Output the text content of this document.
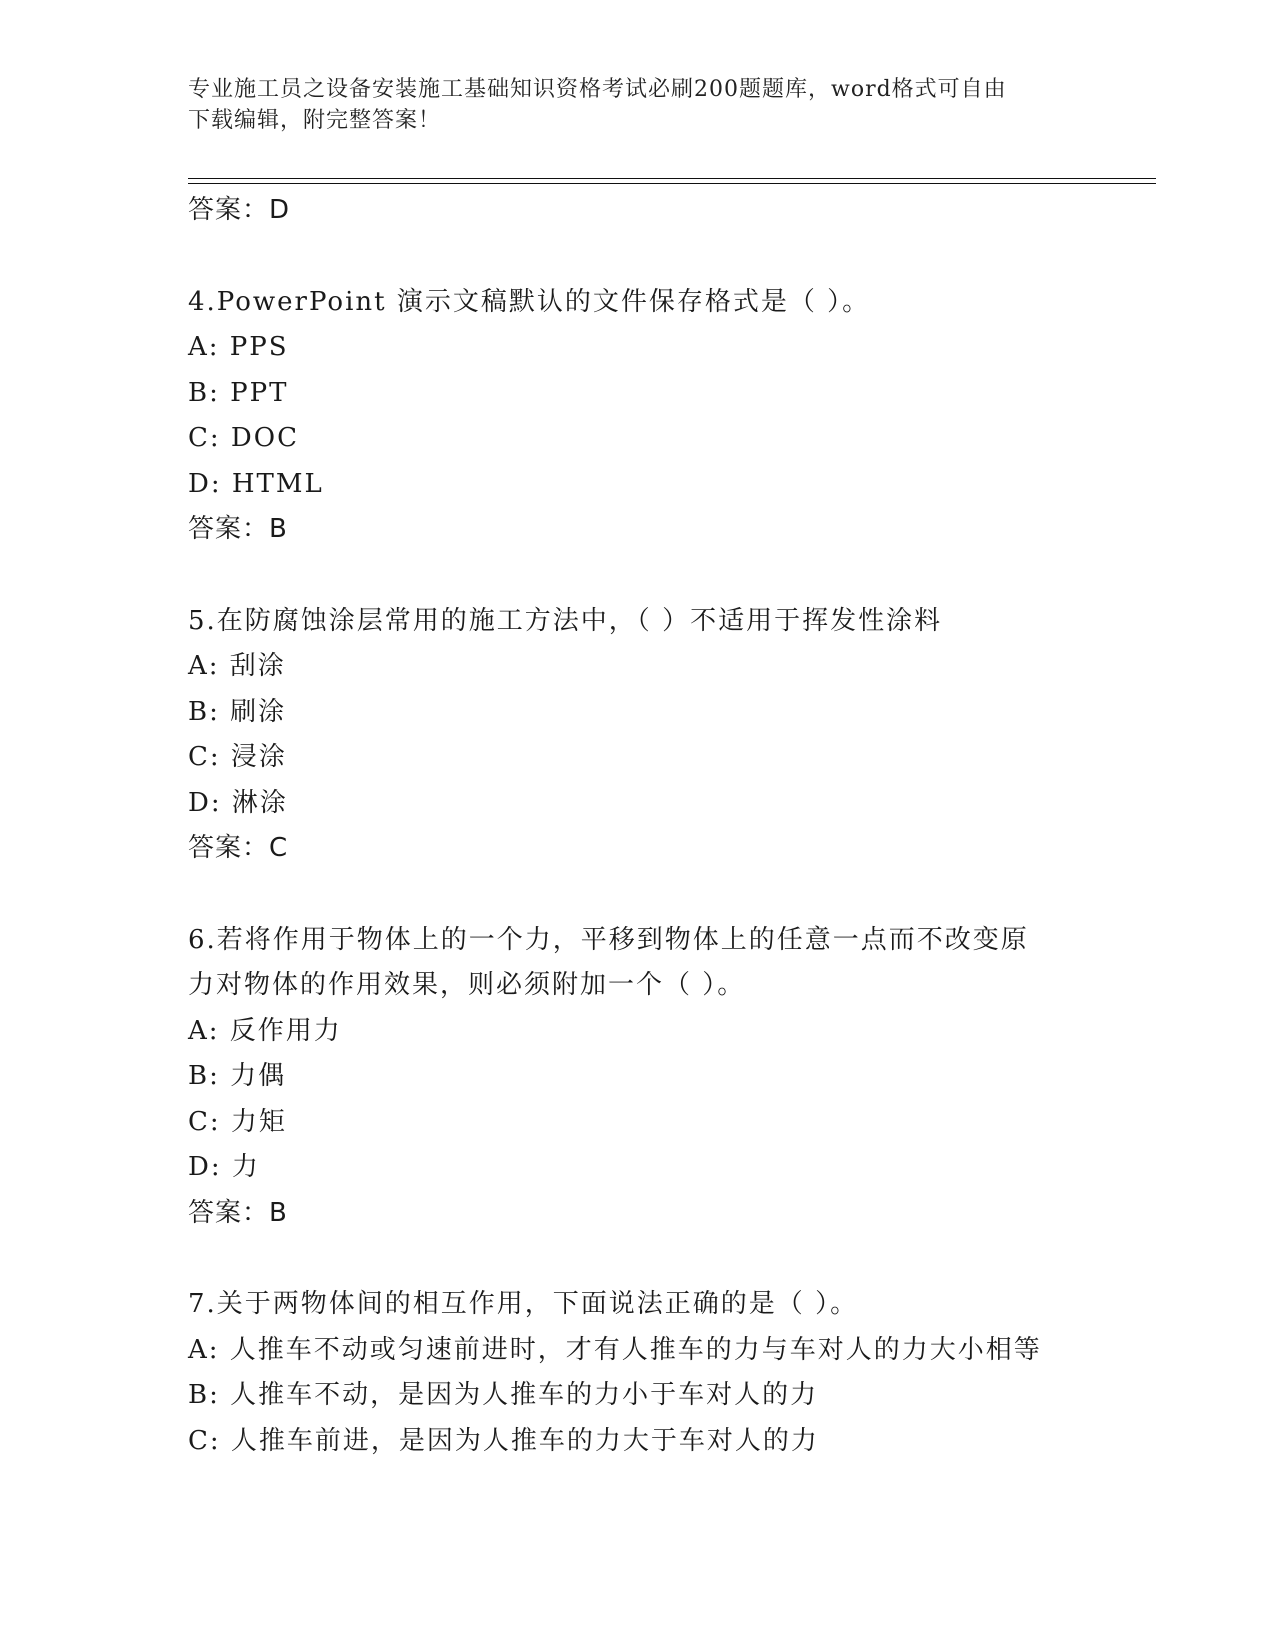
专业施工员之设备安装施工基础知识资格考试必刷200题题库，word格式可自由
下载编辑，附完整答案！
答案：D
4.PowerPoint 演示文稿默认的文件保存格式是（ ）。
A: PPS
B: PPT
C: DOC
D: HTML
答案：B
5.在防腐蚀涂层常用的施工方法中，（ ）不适用于挥发性涂料
A: 刮涂
B: 刷涂
C: 浸涂
D: 淋涂
答案：C
6.若将作用于物体上的一个力，平移到物体上的任意一点而不改变原
力对物体的作用效果，则必须附加一个（ ）。
A: 反作用力
B: 力偶
C: 力矩
D: 力
答案：B
7.关于两物体间的相互作用，下面说法正确的是（ ）。
A: 人推车不动或匀速前进时，才有人推车的力与车对人的力大小相等
B: 人推车不动，是因为人推车的力小于车对人的力
C: 人推车前进，是因为人推车的力大于车对人的力
